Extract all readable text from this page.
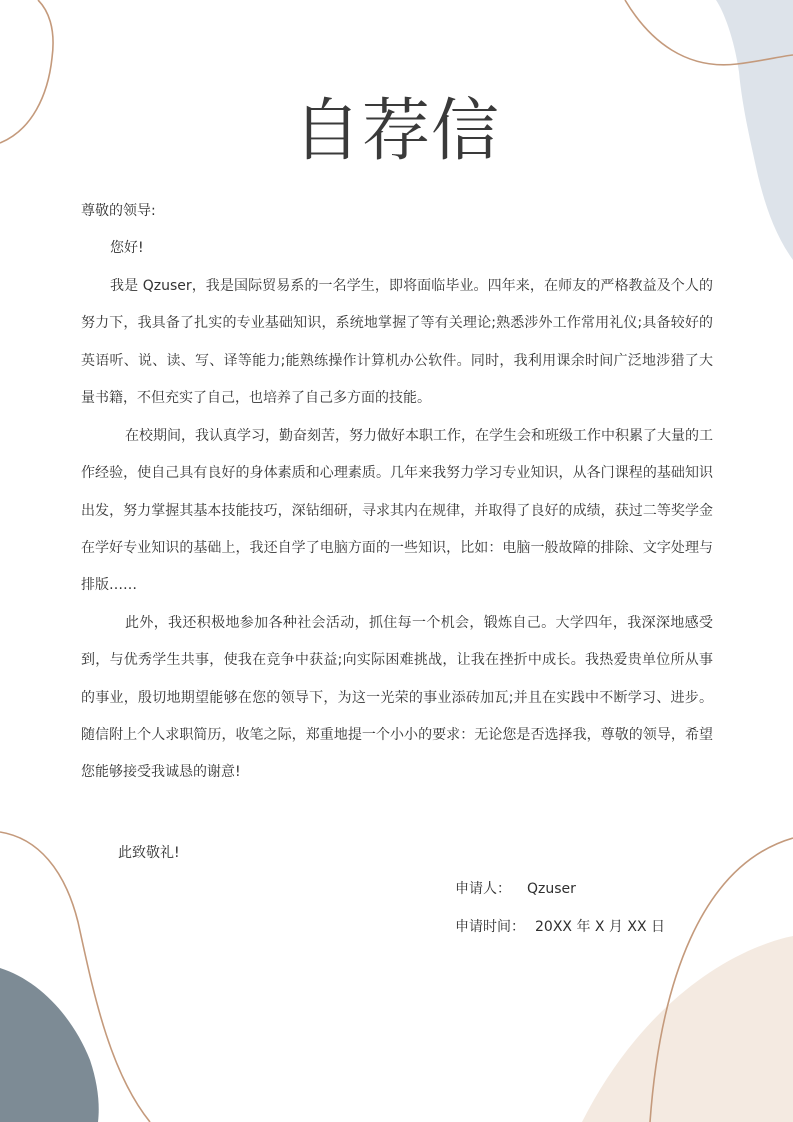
自荐信
尊敬的领导:
您好!

我是 Qzuser，我是国际贸易系的一名学生，即将面临毕业。四年来，在师友的严格教益及个人的努力下，我具备了扎实的专业基础知识，系统地掌握了等有关理论;熟悉涉外工作常用礼仪;具备较好的英语听、说、读、写、译等能力;能熟练操作计算机办公软件。同时，我利用课余时间广泛地涉猎了大量书籍，不但充实了自己，也培养了自己多方面的技能。

在校期间，我认真学习，勤奋刻苦，努力做好本职工作，在学生会和班级工作中积累了大量的工作经验，使自己具有良好的身体素质和心理素质。几年来我努力学习专业知识，从各门课程的基础知识出发，努力掌握其基本技能技巧，深钻细研，寻求其内在规律，并取得了良好的成绩，获过二等奖学金在学好专业知识的基础上，我还自学了电脑方面的一些知识，比如：电脑一般故障的排除、文字处理与排版……

此外，我还积极地参加各种社会活动，抓住每一个机会，锻炼自己。大学四年，我深深地感受到，与优秀学生共事，使我在竞争中获益;向实际困难挑战，让我在挫折中成长。我热爱贵单位所从事的事业，殷切地期望能够在您的领导下，为这一光荣的事业添砖加瓦;并且在实践中不断学习、进步。随信附上个人求职简历，收笔之际，郑重地提一个小小的要求：无论您是否选择我，尊敬的领导，希望您能够接受我诚恳的谢意!

此致敬礼!
申请人： Qzuser
申请时间： 20XX 年 X 月 XX 日
